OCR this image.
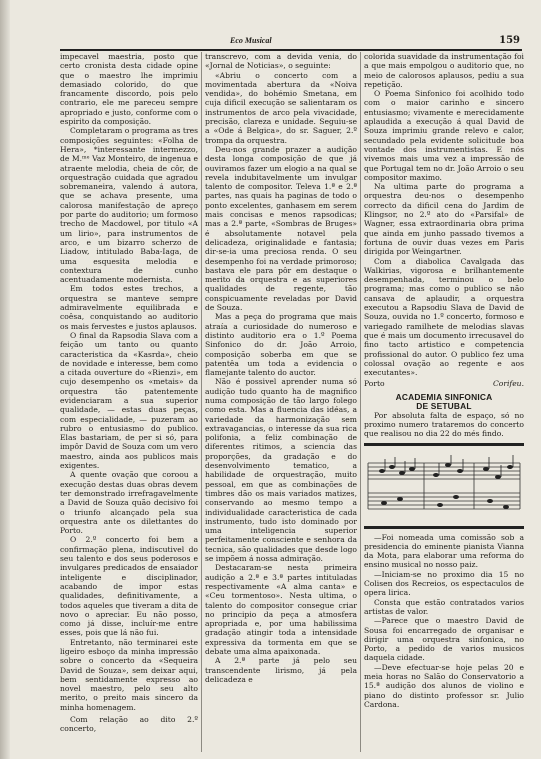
Eco Musical	159

impecavel maestria, posto que certo cronista desta cidade opine que o maestro lhe imprimiu demasiado colorido, do que francamente discordo, pois pelo contrario, ele me pareceu sempre apropriado e justo, conforme com o espirito da composição.

Completaram o programa as tres composições seguintes: «Folha de Hera», *interessante intermezzo, de M.ᵐᵉ Vaz Monteiro, de ingenua e atraente melodia, cheia de côr, de orquestração cuidada que agradou sobremaneira, valendo á autora, que se achava presente, uma calorosa manifestação de apreço por parte do auditorio; um formoso trecho de Macdowel, por titulo «A um lirio», para instrumentos de arco, e um bizarro scherzo de Liadow, intitulado Baba-Iaga, de uma esquesita melodia e contextura de cunho acentuadamente modernista.

Em todos estes trechos, a orquestra se manteve sempre admiravelmente equilibrada e coêsa, conquistando ao auditorio os mais fervestes e justos aplausos.

O final da Rapsodia Slava com a feição um tanto ou quanto caracteristica da «Kasrda», cheio de novidade e interesse, bem como a citada ouverture do «Rienzi», em cujo desempenho os «metais» da orquestra tão patentemente evidenciaram a sua superior qualidade, — estas duas peças, com especialidade, — puzeram ao rubro o entusiasmo do publico. Elas bastariam, de per si só, para impôr David de Souza com um vero maestro, ainda aos publicos mais exigentes.

A quente ovação que coroou a execução destas duas obras devem ter demonstrado irrefragavelmente a David de Souza quão decisivo foi o triunfo alcançado pela sua orquestra ante os dilettantes do Porto.

O 2.º concerto foi bem a confirmação plena, indiscutivel do seu talento e dos seus poderosos e invulgares predicados de ensaiador inteligente e disciplinador, acabando de impor estas qualidades, definitivamente, a todos aqueles que tiveram a dita de novo o apreciar. Eu não posso, como já disse, incluír-me entre esses, pois que lá não fui.

Entretanto, não terminarei este ligeiro esboço da minha impressão sobre o concerto da «Sequeira David de Souza», sem deixar aqui, bem sentidamente expresso ao novel maestro, pelo seu alto merito, o preito mais sincero da minha homenagem.

Com relação ao dito 2.º concerto,

transcrevo, com a devida venia, do «Jornal de Noticias», o seguinte:

«Abriu o concerto com a movimentada abertura da «Noiva vendida», do bohémio Smetana, em cuja dificil execução se salientaram os instrumentos de arco pela vivacidade, precisão, clareza e unidade. Seguiu-se a «Ode á Belgica», do sr. Saguer, 2.º trompa da orquestra.

Deu-nos grande prazer a audição desta longa composição de que já ouviramos fazer um elogio a na qual se revela indubitavelmente um invulgar talento de compositor. Televa 1.ª e 2.ª partes, nas quais ha paginas de todo o ponto excelentes, ganhasem em serem mais concisas e menos rapsodicas; mas a 2.ª parte, «Sombras de Bruges» é absolutamente notavel pela delicadeza, originalidade e fantasia; dir-se-ia uma preciosa renda. O seu desempenho foi na verdade primoroso; bastava ele para pôr em destaque o merito da orquestra e as superiores qualidades de regente, tão conspicuamente reveladas por David de Souza.

Mas a peça do programa que mais atraía a curiosidade do numeroso e distinto auditorio era o 1.º Poema Sinfonico do dr. João Arroio, composição soberba em que se patentêa um toda a evidencia o flamejante talento do auctor.

Não é possivel aprender numa só audição tudo quanto ha de magnifico numa composição de tão largo folego como esta. Mas a fluencia das idéas, a variedade da harmonização sem extravagancias, o interesse da sua rica polifonia, a feliz combinação de diferentes ritimos, a sciencia das proporções, da gradação e do desenvolvimento tematico, a habilidade de orquestração, muito pessoal, em que as combinações de timbres dão os mais variados matizes, conservando ao mesmo tempo a individualidade caracteristica de cada instrumento, tudo isto dominado por uma inteligencia superior perfeitamente consciente e senhora da tecnica, são qualidades que desde logo se impõem á nossa admiração.

Destacaram-se nesta primeira audição a 2.ª e 3.ª partes intituladas respectivamente «A alma canta» e «Ceu tormentoso». Nesta ultima, o talento do compositor consegue criar no principio da peça a atmosfera apropriada e, por uma habilissima gradação atingir toda a intensidade expressiva da tormenta em que se debate uma alma apaixonada.

A 2.ª parte já pelo seu transcendente lirismo, já pela delicadeza e

colorida suavidade da instrumentação foi a que mais empolgou o auditorio que, no meio de calorosos aplausos, pediu a sua repetição.

O Poema Sinfonico foi acolhido todo com o maior carinho e sincero entusiasmo; vivamente e merecidamente aplaudida a execução á qual David de Souza imprimiu grande relevo e calor, secundado pela evidente solicitude boa vontade dos instrumentistas. E nós vivemos mais uma vez a impressão de que Portugal tem no dr. João Arroio o seu compositor maximo.

Na ultima parte do programa a orquestra deu-nos o desempenho correcto da dificil cena do Jardim de Klingsor, no 2.º ato do «Parsifal» de Wagner, essa extraordinaria obra prima que ainda em junho passado tivemos a fortuna de ouvir duas vezes em Paris dirigida por Weingartner.

Com a diabolica Cavalgada das Walkirias, vigorosa e brilhantemente desempenhada, terminou o belo programa; mas como o publico se não cansava de aplaudir, a orquestra executou a Rapsodiu Slava de David de Souza, ouvida no 1.º concerto, formoso e variegado ramilhete de melodias slavas que é mais um documento irrecusavel do fino tacto artistico e competencia profissional do autor. O publico fez uma colossal ovação ao regente e aos executantes».

Porto	Corifeu.
ACADEMIA SINFONICA
DE SETUBAL

Por absoluta falta de espaço, só no proximo numero trataremos do concerto que realisou no dia 22 do més findo.

—Foi nomeada uma comissão sob a presidencia do eminente pianista Vianna da Mota, para elaborar uma reforma do ensino musical no nosso paiz.

—Iniciam-se no proximo dia 15 no Colisen dos Recreios, os espectaculos de opera lirica.

Consta que estão contratados varios artistas de valor.

—Parece que o maestro David de Sousa foi encarregado de organisar e dirigir uma orquestra sinfonica, no Porto, a pedido de varios musicos daquela cidade.

—Deve efectuar-se hoje pelas 20 e meia horas no Salão do Conservatorio a 15.ª audição dos alunos de violino e piano do distinto professor sr. Julio Cardona.
